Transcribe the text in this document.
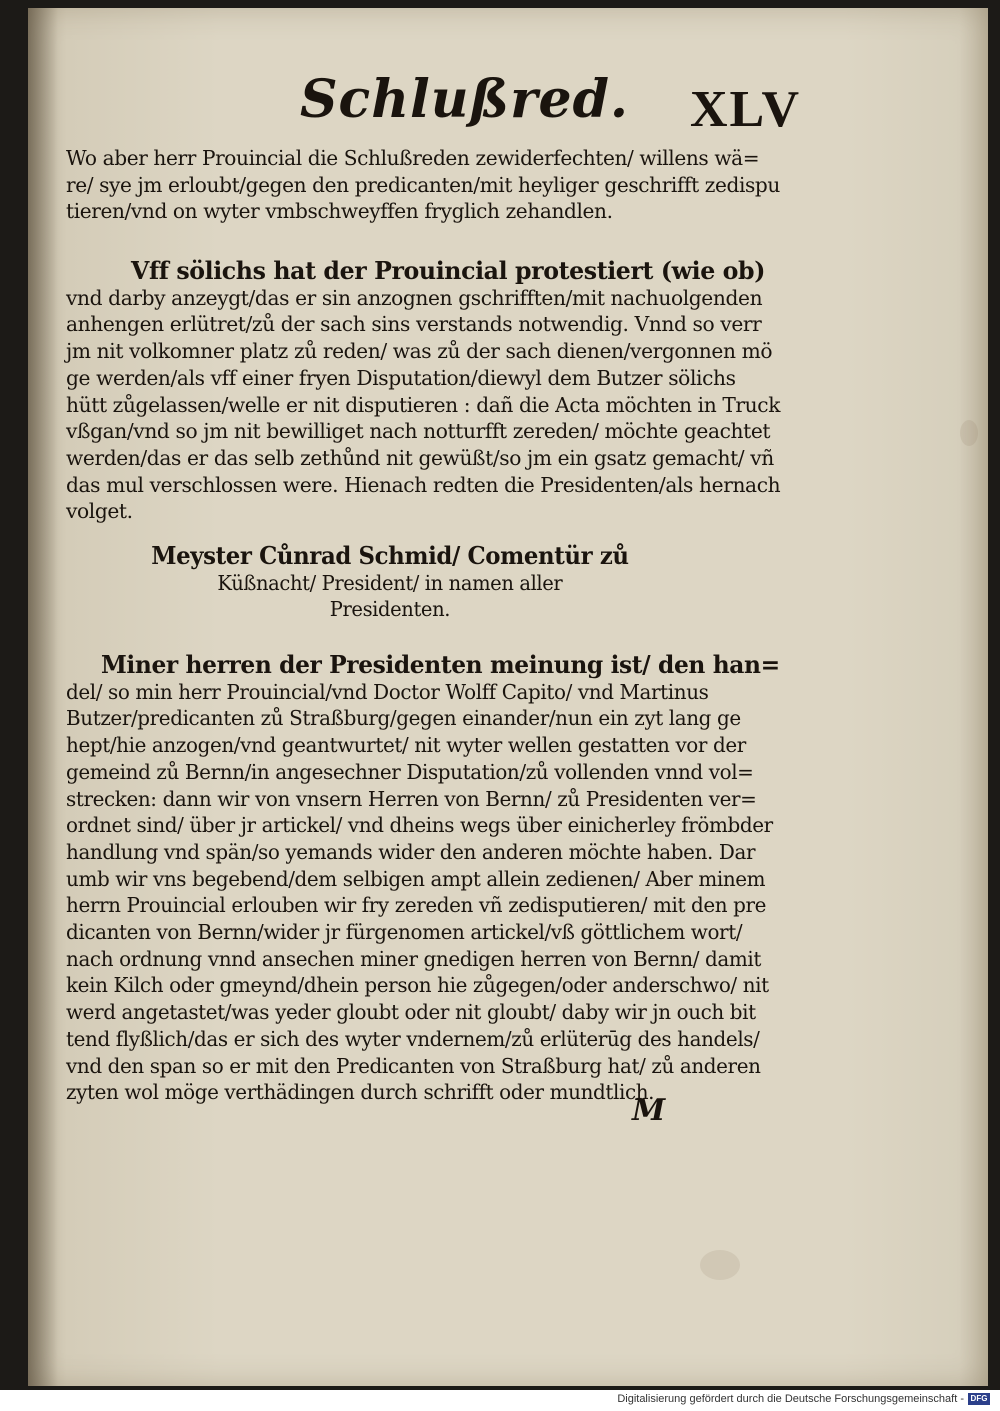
Schlußred. XLV
Wo aber herr Prouincial die Schlußreden zewiderfechten/ willens wä=
re/ sye jm erloubt/gegen den predicanten/mit heyliger geschrifft zedispu
tieren/vnd on wyter vmbschweyffen fryglich zehandlen.
Vff sölichs hat der Prouincial protestiert (wie ob)
vnd darby anzeygt/das er sin anzognen gschrifften/mit nachuolgenden
anhengen erlütret/zů der sach sins verstands notwendig. Vnnd so verr
jm nit volkomner platz zů reden/ was zů der sach dienen/vergonnen mö
ge werden/als vff einer fryen Disputation/diewyl dem Butzer sölichs
hütt zůgelassen/welle er nit disputieren : dañ die Acta möchten in Truck
vßgan/vnd so jm nit bewilliget nach notturfft zereden/ möchte geachtet
werden/das er das selb zethůnd nit gewüßt/so jm ein gsatz gemacht/ vñ
das mul verschlossen were. Hienach redten die Presidenten/als hernach
volget.
Meyster Cůnrad Schmid/ Comentür zů
Küßnacht/ President/ in namen aller
Presidenten.
Miner herren der Presidenten meinung ist/ den han=
del/ so min herr Prouincial/vnd Doctor Wolff Capito/ vnd Martinus
Butzer/predicanten zů Straßburg/gegen einander/nun ein zyt lang ge
hept/hie anzogen/vnd geantwurtet/ nit wyter wellen gestatten vor der
gemeind zů Bernn/in angesechner Disputation/zů vollenden vnnd vol=
strecken: dann wir von vnsern Herren von Bernn/ zů Presidenten ver=
ordnet sind/ über jr artickel/ vnd dheins wegs über einicherley frömbder
handlung vnd spän/so yemands wider den anderen möchte haben. Dar
umb wir vns begebend/dem selbigen ampt allein zedienen/ Aber minem
herrn Prouincial erlouben wir fry zereden vñ zedisputieren/ mit den pre
dicanten von Bernn/wider jr fürgenomen artickel/vß göttlichem wort/
nach ordnung vnnd ansechen miner gnedigen herren von Bernn/ damit
kein Kilch oder gmeynd/dhein person hie zůgegen/oder anderschwo/ nit
werd angetastet/was yeder gloubt oder nit gloubt/ daby wir jn ouch bit
tend flyßlich/das er sich des wyter vndernem/zů erlüterūg des handels/
vnd den span so er mit den Predicanten von Straßburg hat/ zů anderen
zyten wol möge verthädingen durch schrifft oder mundtlich.
M
Digitalisierung gefördert durch die Deutsche Forschungsgemeinschaft - DFG
